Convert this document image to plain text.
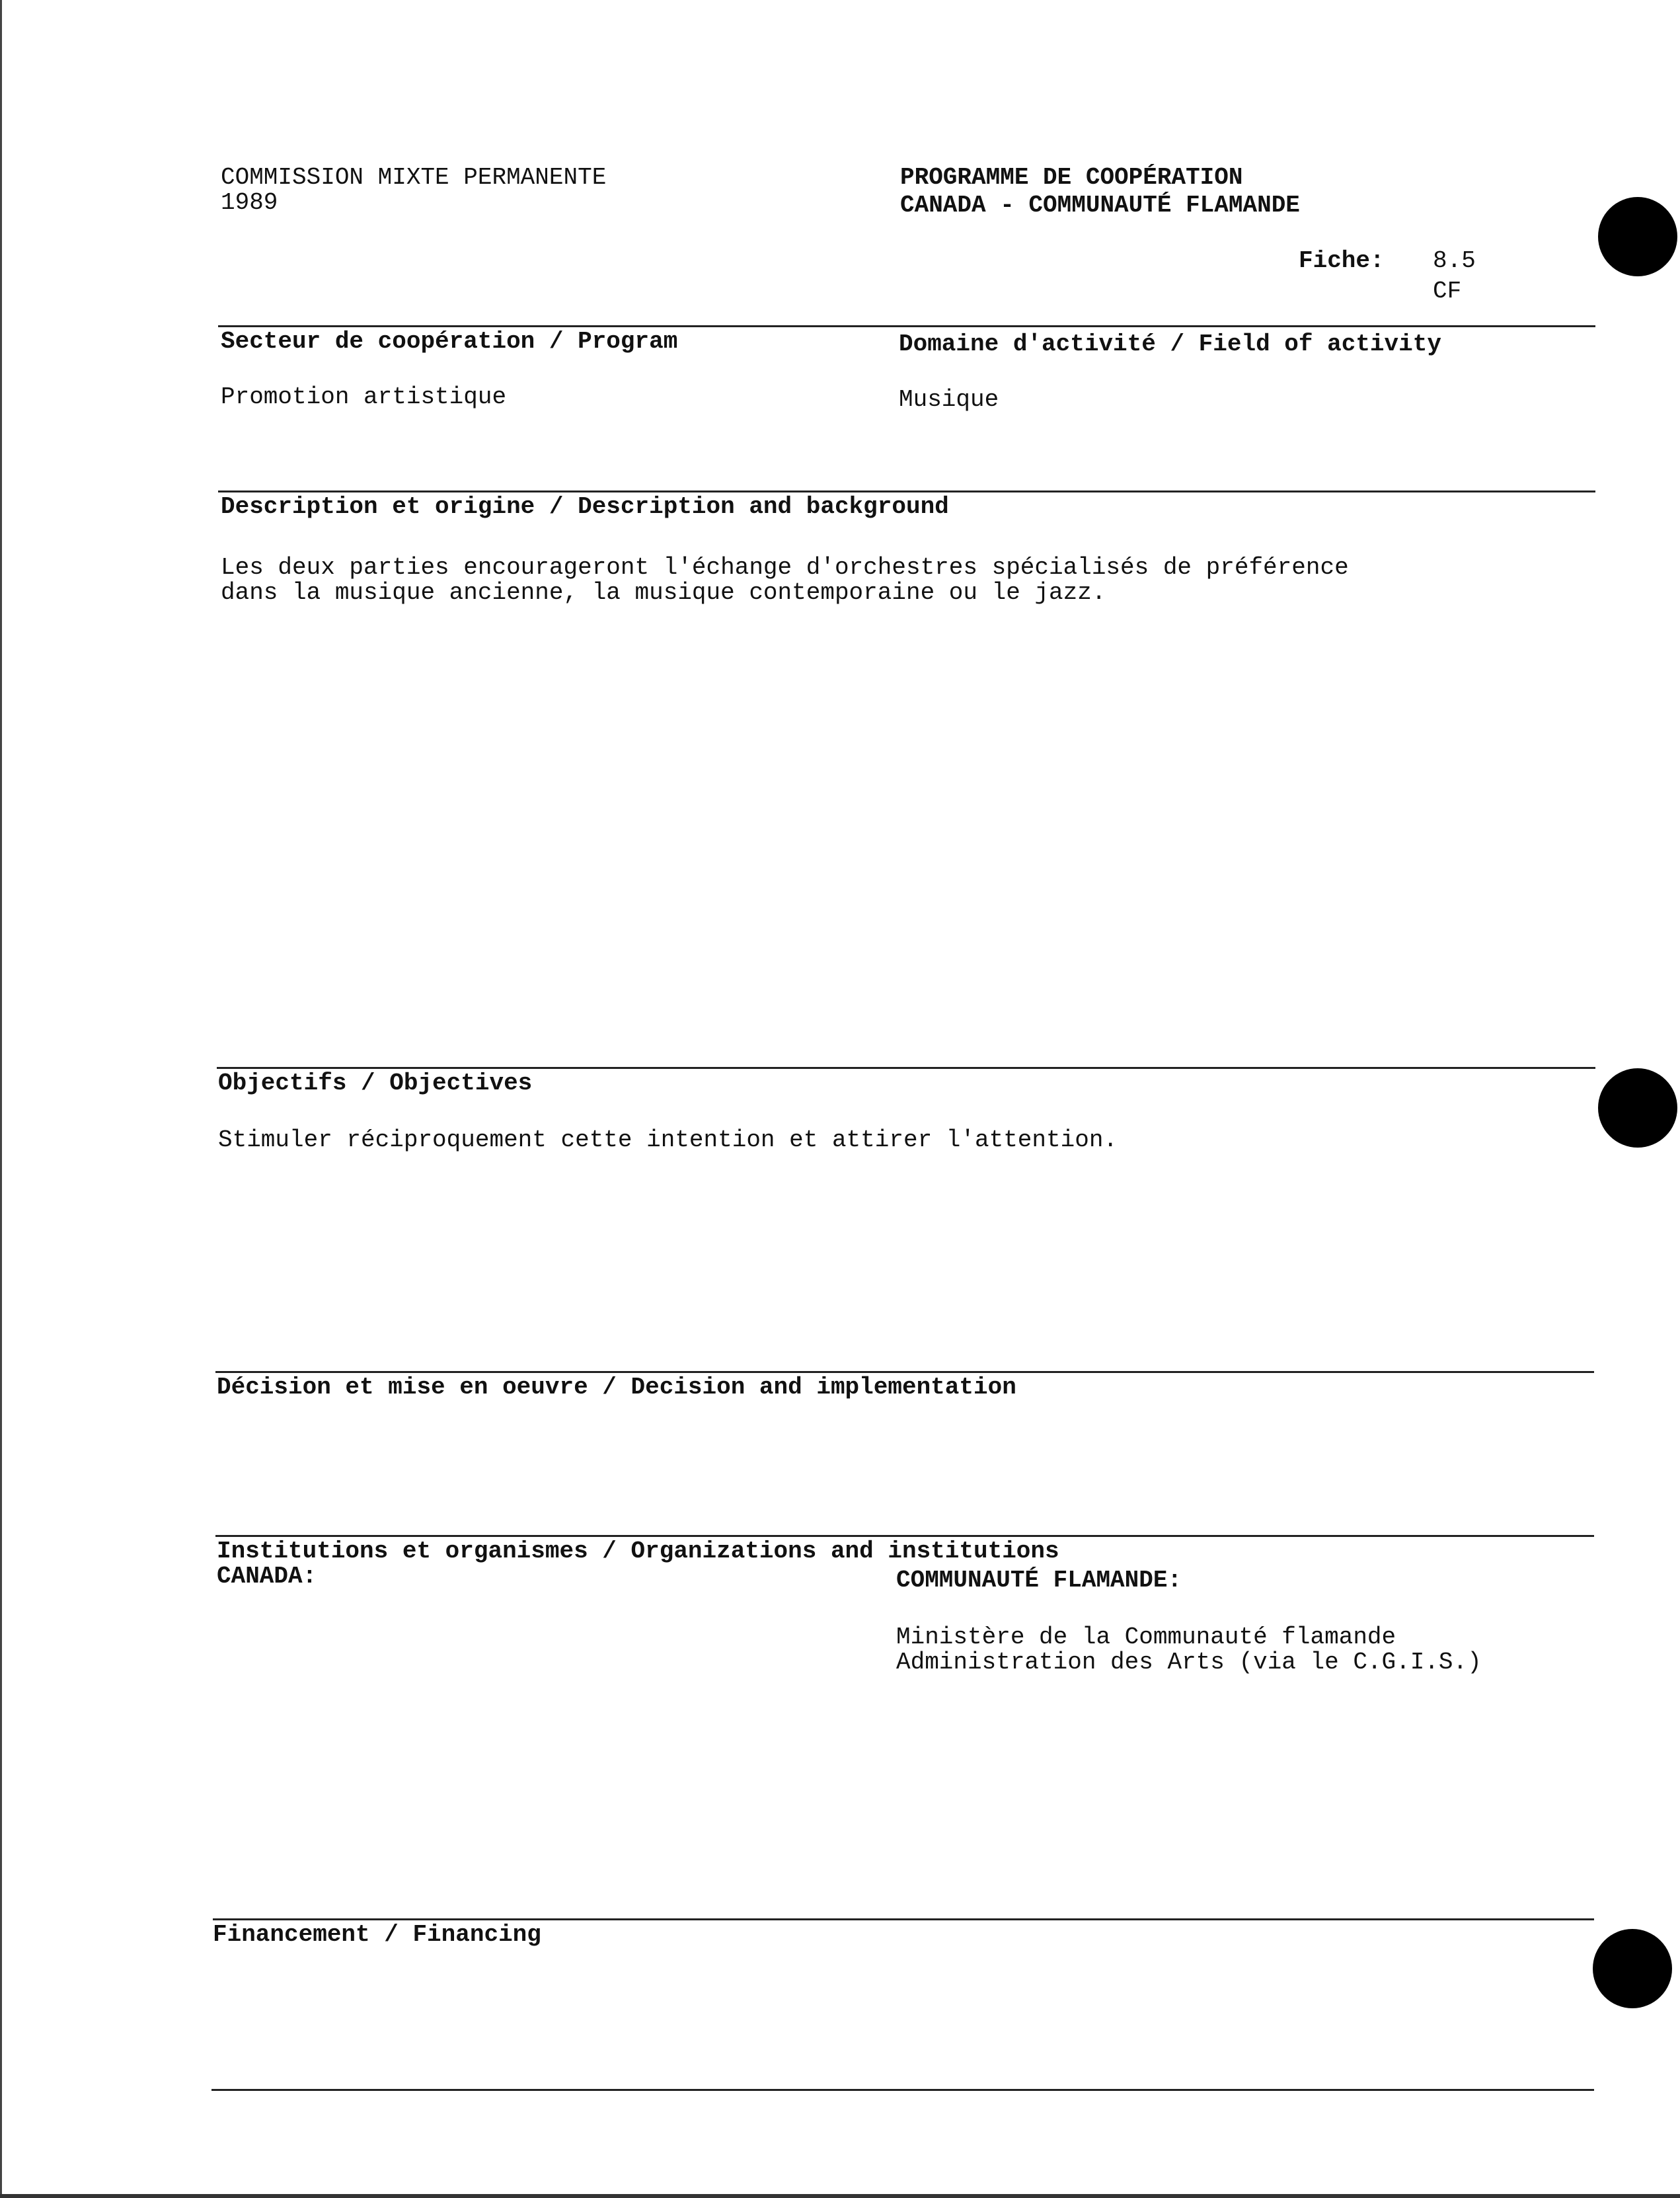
COMMISSION MIXTE PERMANENTE
1989
PROGRAMME DE COOPÉRATION
CANADA - COMMUNAUTÉ FLAMANDE
Fiche: 8.5
CF
Secteur de coopération / Program
Promotion artistique
Domaine d'activité / Field of activity
Musique
Description et origine / Description and background
Les deux parties encourageront l'échange d'orchestres spécialisés de préférence
dans la musique ancienne, la musique contemporaine ou le jazz.
Objectifs / Objectives
Stimuler réciproquement cette intention et attirer l'attention.
Décision et mise en oeuvre / Decision and implementation
Institutions et organismes / Organizations and institutions
CANADA:	COMMUNAUTÉ FLAMANDE:
Ministère de la Communauté flamande
Administration des Arts (via le C.G.I.S.)
Financement / Financing
